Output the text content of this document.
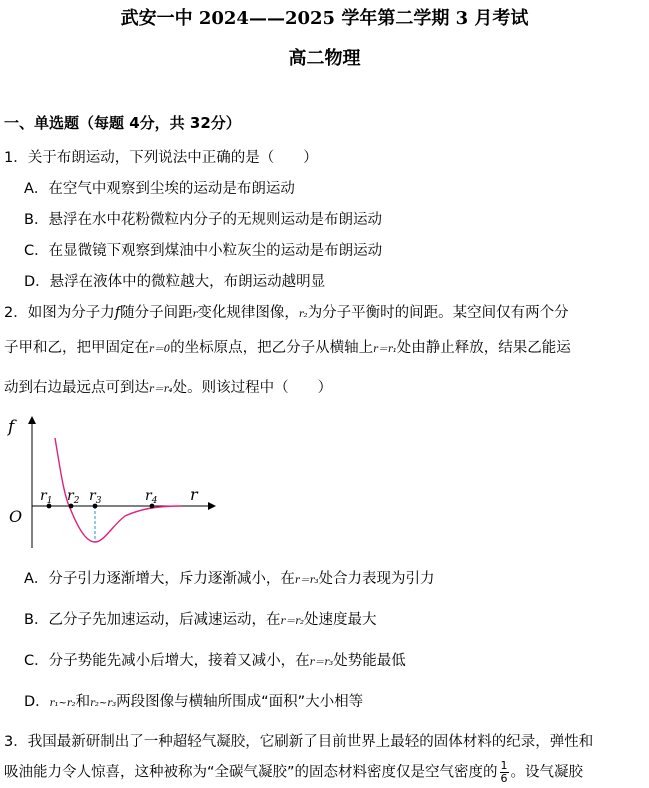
武安一中 2024——2025 学年第二学期 3 月考试
高二物理
一、单选题（每题 4分，共 32分）
1．关于布朗运动，下列说法中正确的是（　　）
A．在空气中观察到尘埃的运动是布朗运动
B．悬浮在水中花粉微粒内分子的无规则运动是布朗运动
C．在显微镜下观察到煤油中小粒灰尘的运动是布朗运动
D．悬浮在液体中的微粒越大，布朗运动越明显
2．如图为分子力f随分子间距r变化规律图像，r₂为分子平衡时的间距。某空间仅有两个分
子甲和乙，把甲固定在r＝0的坐标原点，把乙分子从横轴上r＝r₁处由静止释放，结果乙能运
动到右边最远点可到达r＝r₄处。则该过程中（　　）
f
r
O
$r_1$ $r_2$ $r_3$	$r_4$
A．分子引力逐渐增大，斥力逐渐减小，在r＝r₃处合力表现为引力
B．乙分子先加速运动，后减速运动，在r＝r₂处速度最大
C．分子势能先减小后增大，接着又减小，在r＝r₃处势能最低
D．r₁~r₂和r₂~r₃两段图像与横轴所围成“面积”大小相等
3．我国最新研制出了一种超轻气凝胶，它刷新了目前世界上最轻的固体材料的纪录，弹性和
吸油能力令人惊喜，这种被称为“全碳气凝胶”的固态材料密度仅是空气密度的 $\frac{1}{6}$ 。设气凝胶
